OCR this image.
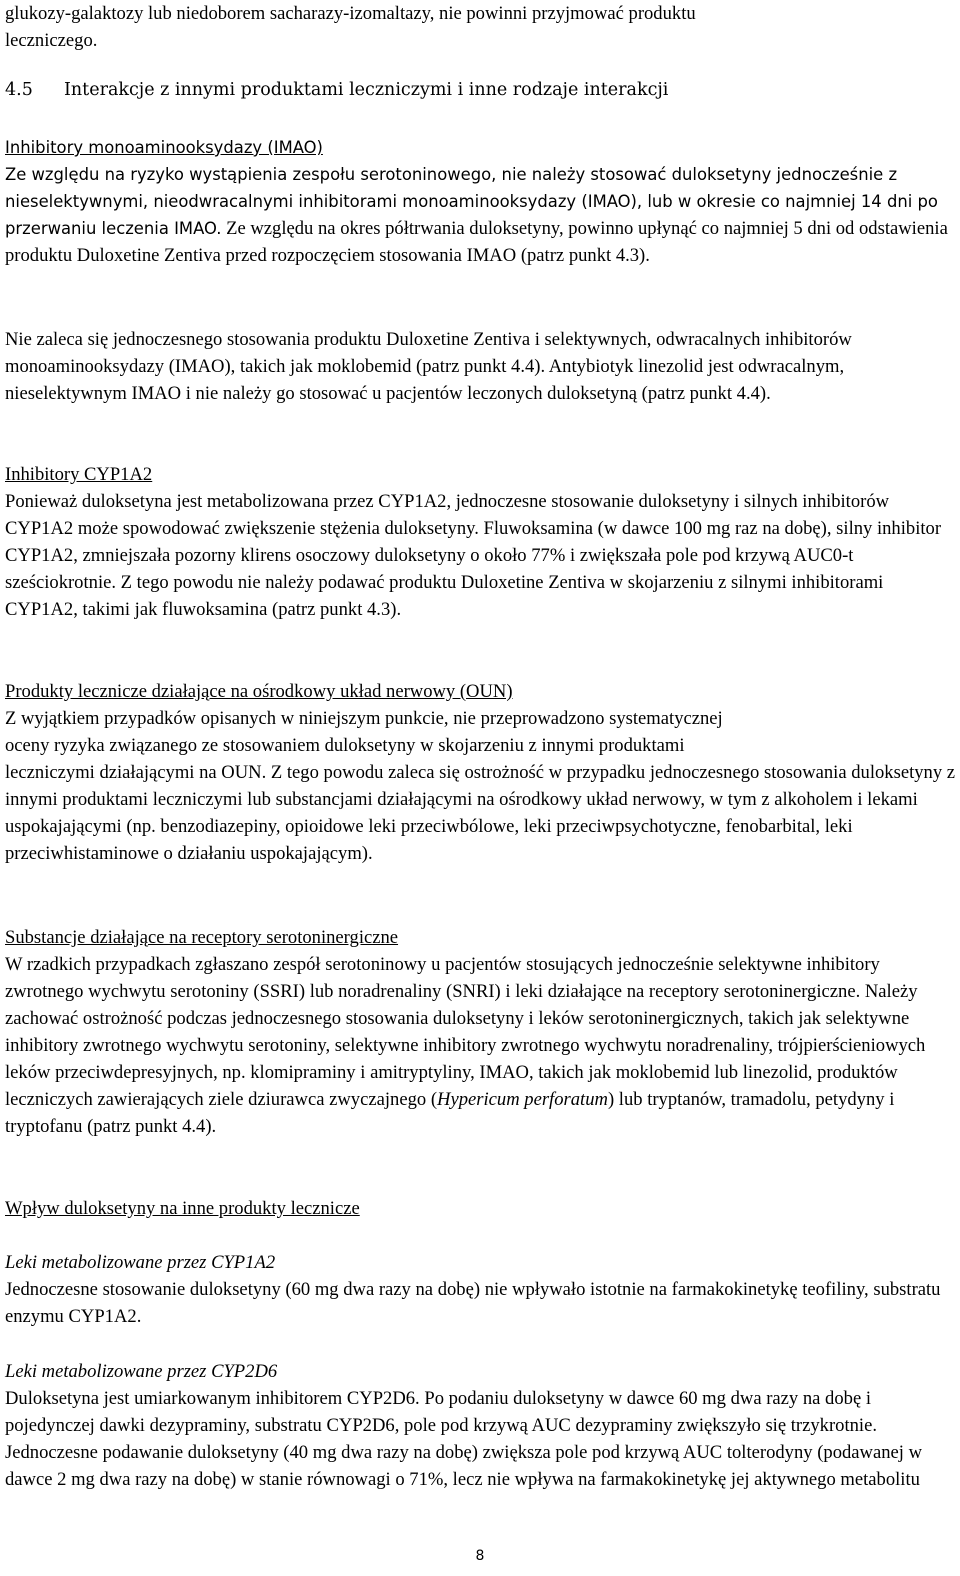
glukozy-galaktozy lub niedoborem sacharazy-izomaltazy, nie powinni przyjmować produktu

leczniczego.

4.5 Interakcje z innymi produktami leczniczymi i inne rodzaje interakcji

Inhibitory monoaminooksydazy (IMAO)

Ze względu na ryzyko wystąpienia zespołu serotoninowego, nie należy stosować duloksetyny jednocześnie z nieselektywnymi, nieodwracalnymi inhibitorami monoaminooksydazy (IMAO), lub w okresie co najmniej 14 dni po przerwaniu leczenia IMAO. Ze względu na okres półtrwania duloksetyny, powinno upłynąć co najmniej 5 dni od odstawienia produktu Duloxetine Zentiva przed rozpoczęciem stosowania IMAO (patrz punkt 4.3).

Nie zaleca się jednoczesnego stosowania produktu Duloxetine Zentiva i selektywnych, odwracalnych inhibitorów monoaminooksydazy (IMAO), takich jak moklobemid (patrz punkt 4.4). Antybiotyk linezolid jest odwracalnym, nieselektywnym IMAO i nie należy go stosować u pacjentów leczonych duloksetyną (patrz punkt 4.4).

Inhibitory CYP1A2

Ponieważ duloksetyna jest metabolizowana przez CYP1A2, jednoczesne stosowanie duloksetyny i silnych inhibitorów CYP1A2 może spowodować zwiększenie stężenia duloksetyny. Fluwoksamina (w dawce 100 mg raz na dobę), silny inhibitor CYP1A2, zmniejszała pozorny klirens osoczowy duloksetyny o około 77% i zwiększała pole pod krzywą AUC0-t sześciokrotnie. Z tego powodu nie należy podawać produktu Duloxetine Zentiva w skojarzeniu z silnymi inhibitorami CYP1A2, takimi jak fluwoksamina (patrz punkt 4.3).

Produkty lecznicze działające na ośrodkowy układ nerwowy (OUN)

Z wyjątkiem przypadków opisanych w niniejszym punkcie, nie przeprowadzono systematycznej

oceny ryzyka związanego ze stosowaniem duloksetyny w skojarzeniu z innymi produktami

leczniczymi działającymi na OUN. Z tego powodu zaleca się ostrożność w przypadku jednoczesnego stosowania duloksetyny z innymi produktami leczniczymi lub substancjami działającymi na ośrodkowy układ nerwowy, w tym z alkoholem i lekami uspokajającymi (np. benzodiazepiny, opioidowe leki przeciwbólowe, leki przeciwpsychotyczne, fenobarbital, leki przeciwhistaminowe o działaniu uspokajającym).

Substancje działające na receptory serotoninergiczne

W rzadkich przypadkach zgłaszano zespół serotoninowy u pacjentów stosujących jednocześnie selektywne inhibitory zwrotnego wychwytu serotoniny (SSRI) lub noradrenaliny (SNRI) i leki działające na receptory serotoninergiczne. Należy zachować ostrożność podczas jednoczesnego stosowania duloksetyny i leków serotoninergicznych, takich jak selektywne inhibitory zwrotnego wychwytu serotoniny, selektywne inhibitory zwrotnego wychwytu noradrenaliny, trójpierścieniowych leków przeciwdepresyjnych, np. klomipraminy i amitryptyliny, IMAO, takich jak moklobemid lub linezolid, produktów leczniczych zawierających ziele dziurawca zwyczajnego (Hypericum perforatum) lub tryptanów, tramadolu, petydyny i tryptofanu (patrz punkt 4.4).

Wpływ duloksetyny na inne produkty lecznicze

Leki metabolizowane przez CYP1A2

Jednoczesne stosowanie duloksetyny (60 mg dwa razy na dobę) nie wpływało istotnie na farmakokinetykę teofiliny, substratu enzymu CYP1A2.

Leki metabolizowane przez CYP2D6

Duloksetyna jest umiarkowanym inhibitorem CYP2D6. Po podaniu duloksetyny w dawce 60 mg dwa razy na dobę i pojedynczej dawki dezypraminy, substratu CYP2D6, pole pod krzywą AUC dezypraminy zwiększyło się trzykrotnie. Jednoczesne podawanie duloksetyny (40 mg dwa razy na dobę) zwiększa pole pod krzywą AUC tolterodyny (podawanej w dawce 2 mg dwa razy na dobę) w stanie równowagi o 71%, lecz nie wpływa na farmakokinetykę jej aktywnego metabolitu

8
